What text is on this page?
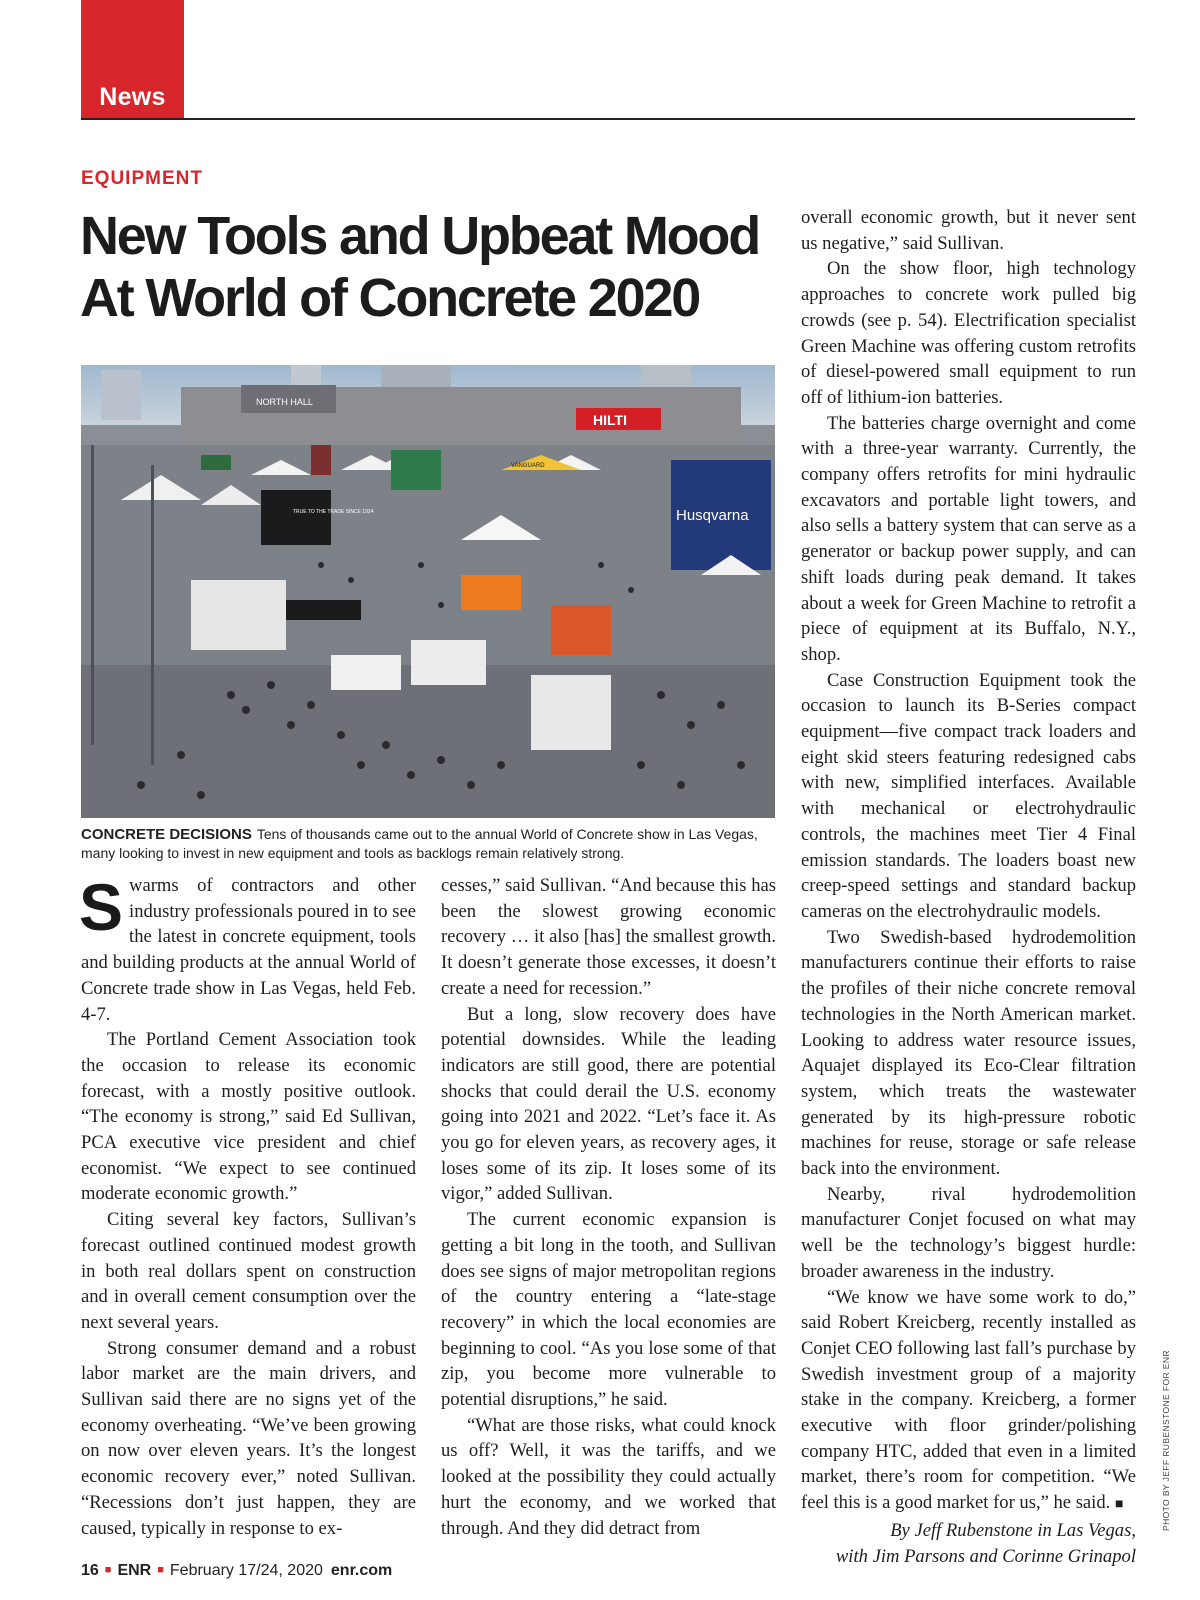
News
EQUIPMENT
New Tools and Upbeat Mood
At World of Concrete 2020
NORTH HALL
HILTI
Husqvarna
TRUE TO THE TRADE SINCE 1924
VANGUARD
CONCRETE DECISIONS Tens of thousands came out to the annual World of Concrete show in Las Vegas, many looking to invest in new equipment and tools as backlogs remain relatively strong.

Swarms of contractors and other industry professionals poured in to see the latest in concrete equipment, tools and building products at the annual World of Concrete trade show in Las Vegas, held Feb. 4-7.

The Portland Cement Association took the occasion to release its economic forecast, with a mostly positive outlook. “The economy is strong,” said Ed Sullivan, PCA executive vice president and chief economist. “We expect to see continued moderate economic growth.”

Citing several key factors, Sullivan’s forecast outlined continued modest growth in both real dollars spent on construction and in overall cement consumption over the next several years.

Strong consumer demand and a robust labor market are the main drivers, and Sullivan said there are no signs yet of the economy overheating. “We’ve been growing on now over eleven years. It’s the longest economic recovery ever,” noted Sullivan. “Recessions don’t just happen, they are caused, typically in response to ex-

cesses,” said Sullivan. “And because this has been the slowest growing economic recovery … it also [has] the smallest growth. It doesn’t generate those excesses, it doesn’t create a need for recession.”

But a long, slow recovery does have potential downsides. While the leading indicators are still good, there are potential shocks that could derail the U.S. economy going into 2021 and 2022. “Let’s face it. As you go for eleven years, as recovery ages, it loses some of its zip. It loses some of its vigor,” added Sullivan.

The current economic expansion is getting a bit long in the tooth, and Sullivan does see signs of major metropolitan regions of the country entering a “late-stage recovery” in which the local economies are beginning to cool. “As you lose some of that zip, you become more vulnerable to potential disruptions,” he said.

“What are those risks, what could knock us off? Well, it was the tariffs, and we looked at the possibility they could actually hurt the economy, and we worked that through. And they did detract from

overall economic growth, but it never sent us negative,” said Sullivan.

On the show floor, high technology approaches to concrete work pulled big crowds (see p. 54). Electrification specialist Green Machine was offering custom retrofits of diesel-powered small equipment to run off of lithium-ion batteries.

The batteries charge overnight and come with a three-year warranty. Currently, the company offers retrofits for mini hydraulic excavators and portable light towers, and also sells a battery system that can serve as a generator or backup power supply, and can shift loads during peak demand. It takes about a week for Green Machine to retrofit a piece of equipment at its Buffalo, N.Y., shop.

Case Construction Equipment took the occasion to launch its B-Series compact equipment—five compact track loaders and eight skid steers featuring redesigned cabs with new, simplified interfaces. Available with mechanical or electrohydraulic controls, the machines meet Tier 4 Final emission standards. The loaders boast new creep-speed settings and standard backup cameras on the electrohydraulic models.

Two Swedish-based hydrodemolition manufacturers continue their efforts to raise the profiles of their niche concrete removal technologies in the North American market. Looking to address water resource issues, Aquajet displayed its Eco-Clear filtration system, which treats the wastewater generated by its high-pressure robotic machines for reuse, storage or safe release back into the environment.

Nearby, rival hydrodemolition manufacturer Conjet focused on what may well be the technology’s biggest hurdle: broader awareness in the industry.

“We know we have some work to do,” said Robert Kreicberg, recently installed as Conjet CEO following last fall’s purchase by Swedish investment group of a majority stake in the company. Kreicberg, a former executive with floor grinder/polishing company HTC, added that even in a limited market, there’s room for competition. “We feel this is a good market for us,” he said. ■

By Jeff Rubenstone in Las Vegas,
with Jim Parsons and Corinne Grinapol

PHOTO BY JEFF RUBENSTONE FOR ENR
16 ■ ENR ■ February 17/24, 2020 enr.com
